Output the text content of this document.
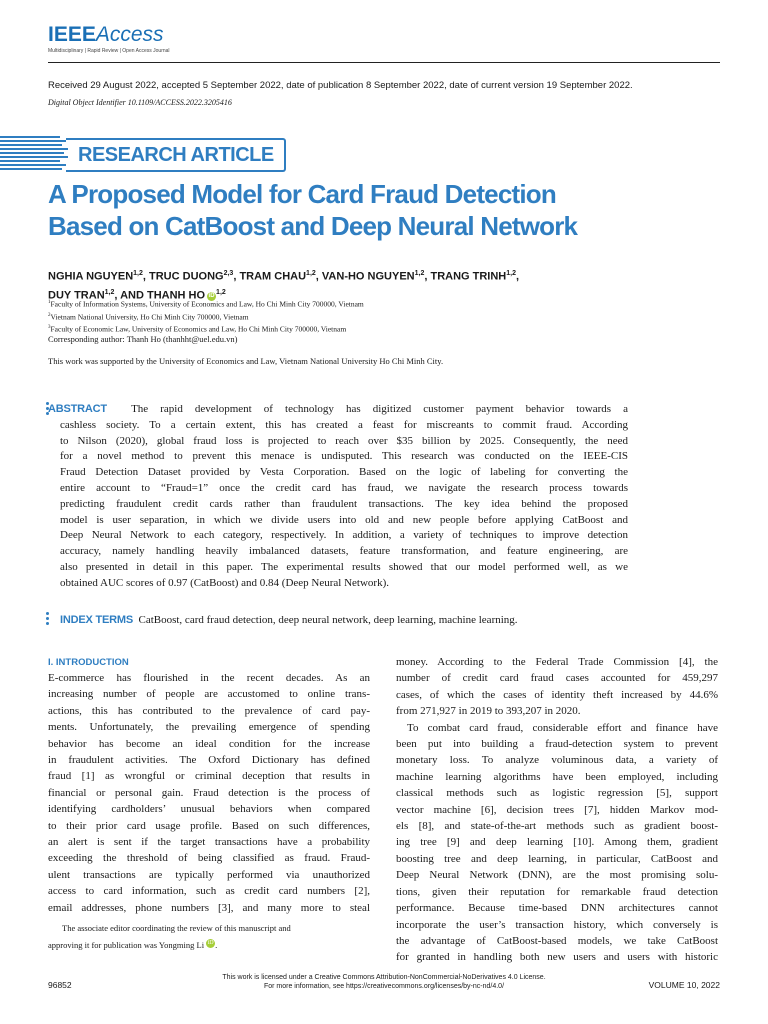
IEEEAccess
Multidisciplinary | Rapid Review | Open Access Journal
Received 29 August 2022, accepted 5 September 2022, date of publication 8 September 2022, date of current version 19 September 2022.
Digital Object Identifier 10.1109/ACCESS.2022.3205416
RESEARCH ARTICLE
A Proposed Model for Card Fraud Detection
Based on CatBoost and Deep Neural Network
NGHIA NGUYEN$^{1,2}$, TRUC DUONG$^{2,3}$, TRAM CHAU$^{1,2}$, VAN-HO NGUYEN$^{1,2}$, TRANG TRINH$^{1,2}$,
DUY TRAN$^{1,2}$, AND THANH HO iD$^{1,2}$
$^1$Faculty of Information Systems, University of Economics and Law, Ho Chi Minh City 700000, Vietnam
$^2$Vietnam National University, Ho Chi Minh City 700000, Vietnam
$^3$Faculty of Economic Law, University of Economics and Law, Ho Chi Minh City 700000, Vietnam
Corresponding author: Thanh Ho (thanhht@uel.edu.vn)
This work was supported by the University of Economics and Law, Vietnam National University Ho Chi Minh City.
ABSTRACT The rapid development of technology has digitized customer payment behavior towards a
cashless society. To a certain extent, this has created a feast for miscreants to commit fraud. According
to Nilson (2020), global fraud loss is projected to reach over $35 billion by 2025. Consequently, the need
for a novel method to prevent this menace is undisputed. This research was conducted on the IEEE-CIS
Fraud Detection Dataset provided by Vesta Corporation. Based on the logic of labeling for converting the
entire account to “Fraud=1” once the credit card has fraud, we navigate the research process towards
predicting fraudulent credit cards rather than fraudulent transactions. The key idea behind the proposed
model is user separation, in which we divide users into old and new people before applying CatBoost and
Deep Neural Network to each category, respectively. In addition, a variety of techniques to improve detection
accuracy, namely handling heavily imbalanced datasets, feature transformation, and feature engineering, are
also presented in detail in this paper. The experimental results showed that our model performed well, as we
obtained AUC scores of 0.97 (CatBoost) and 0.84 (Deep Neural Network).
INDEX TERMS CatBoost, card fraud detection, deep neural network, deep learning, machine learning.
I. INTRODUCTION
E-commerce has flourished in the recent decades. As an
increasing number of people are accustomed to online trans-
actions, this has contributed to the prevalence of card pay-
ments. Unfortunately, the prevailing emergence of spending
behavior has become an ideal condition for the increase
in fraudulent activities. The Oxford Dictionary has defined
fraud [1] as wrongful or criminal deception that results in
financial or personal gain. Fraud detection is the process of
identifying cardholders’ unusual behaviors when compared
to their prior card usage profile. Based on such differences,
an alert is sent if the target transactions have a probability
exceeding the threshold of being classified as fraud. Fraud-
ulent transactions are typically performed via unauthorized
access to card information, such as credit card numbers [2],
email addresses, phone numbers [3], and many more to steal
The associate editor coordinating the review of this manuscript and
approving it for publication was Yongming Li iD .
money. According to the Federal Trade Commission [4], the
number of credit card fraud cases accounted for 459,297
cases, of which the cases of identity theft increased by 44.6%
from 271,927 in 2019 to 393,207 in 2020.
To combat card fraud, considerable effort and finance have
been put into building a fraud-detection system to prevent
monetary loss. To analyze voluminous data, a variety of
machine learning algorithms have been employed, including
classical methods such as logistic regression [5], support
vector machine [6], decision trees [7], hidden Markov mod-
els [8], and state-of-the-art methods such as gradient boost-
ing tree [9] and deep learning [10]. Among them, gradient
boosting tree and deep learning, in particular, CatBoost and
Deep Neural Network (DNN), are the most promising solu-
tions, given their reputation for remarkable fraud detection
performance. Because time-based DNN architectures cannot
incorporate the user’s transaction history, which conversely is
the advantage of CatBoost-based models, we take CatBoost
for granted in handling both new users and users with historic
This work is licensed under a Creative Commons Attribution-NonCommercial-NoDerivatives 4.0 License.
For more information, see https://creativecommons.org/licenses/by-nc-nd/4.0/
96852	VOLUME 10, 2022
